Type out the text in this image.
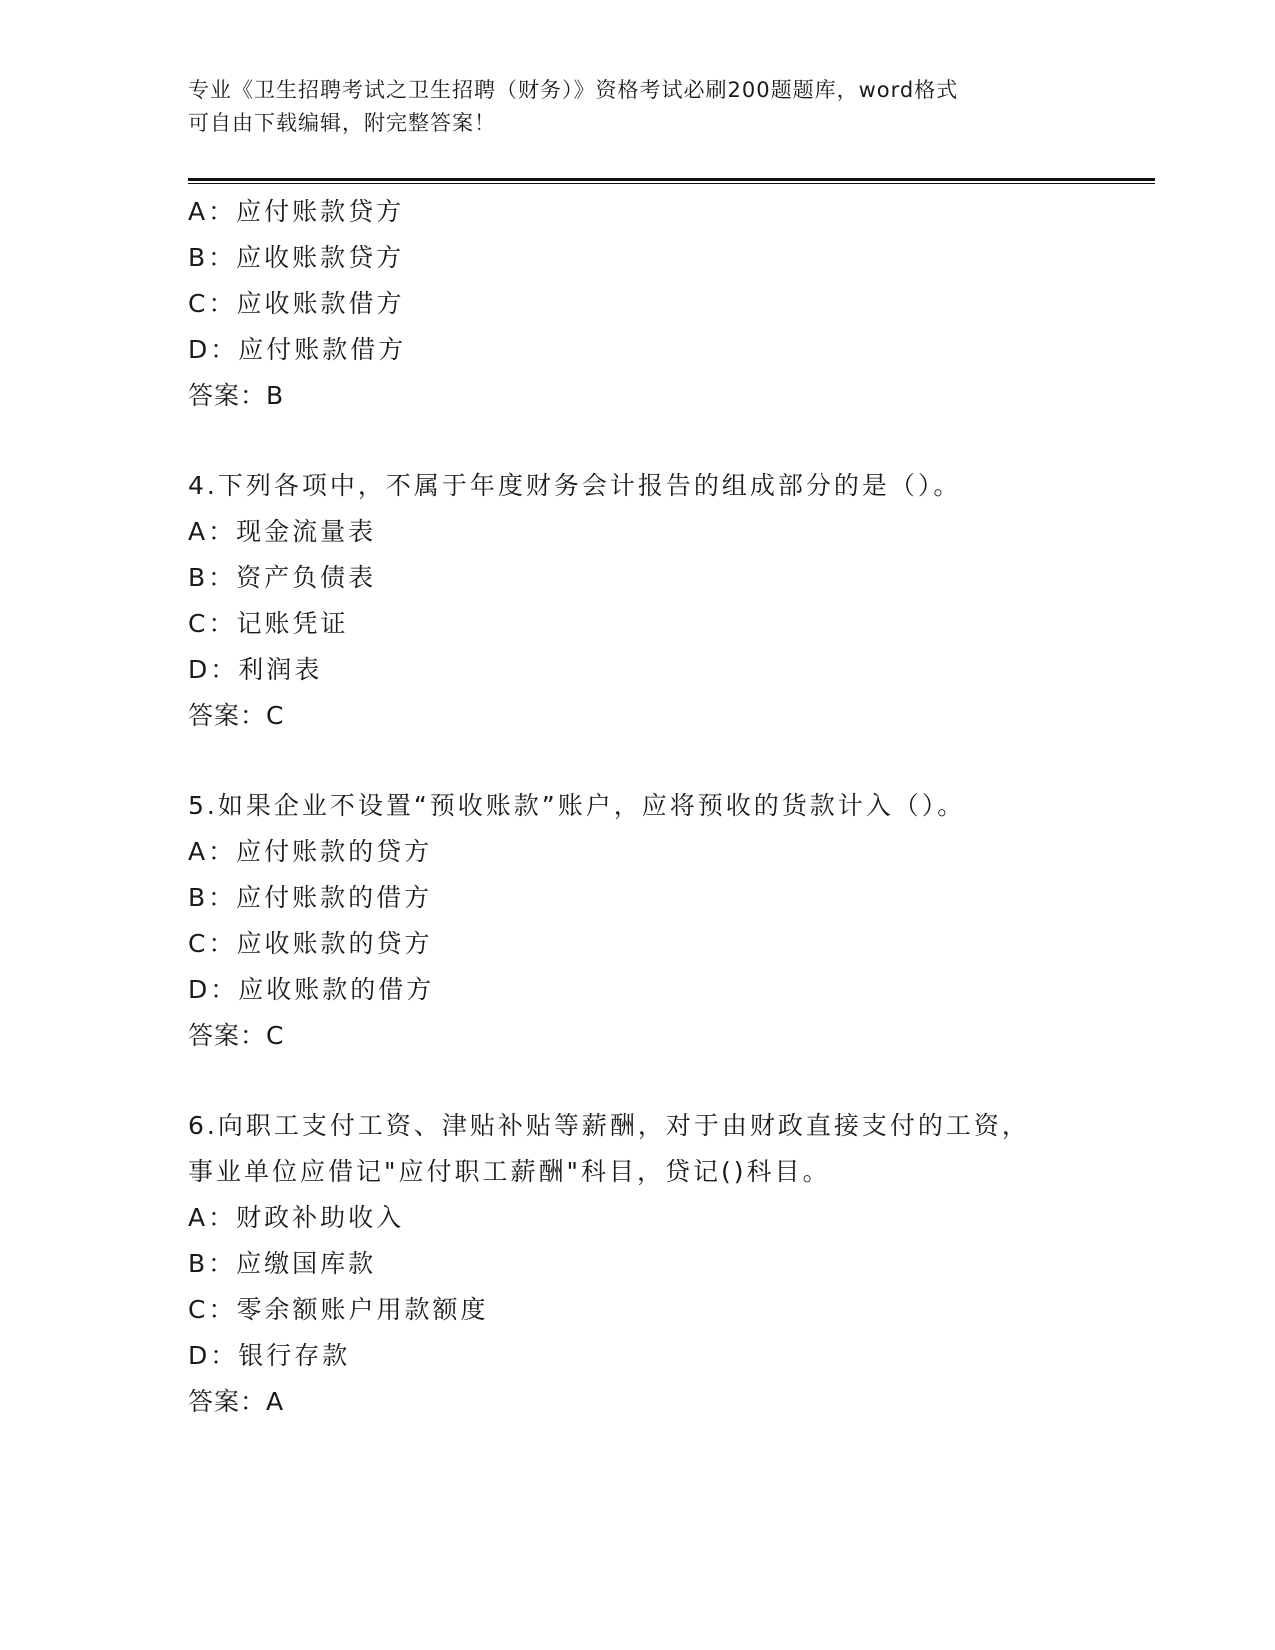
专业《卫生招聘考试之卫生招聘（财务）》资格考试必刷200题题库，word格式
可自由下载编辑，附完整答案！
A：应付账款贷方
B：应收账款贷方
C：应收账款借方
D：应付账款借方
答案：B
4.下列各项中，不属于年度财务会计报告的组成部分的是（）。
A：现金流量表
B：资产负债表
C：记账凭证
D：利润表
答案：C
5.如果企业不设置“预收账款”账户，应将预收的货款计入（）。
A：应付账款的贷方
B：应付账款的借方
C：应收账款的贷方
D：应收账款的借方
答案：C
6.向职工支付工资、津贴补贴等薪酬，对于由财政直接支付的工资，
事业单位应借记"应付职工薪酬"科目，贷记()科目。
A：财政补助收入
B：应缴国库款
C：零余额账户用款额度
D：银行存款
答案：A
